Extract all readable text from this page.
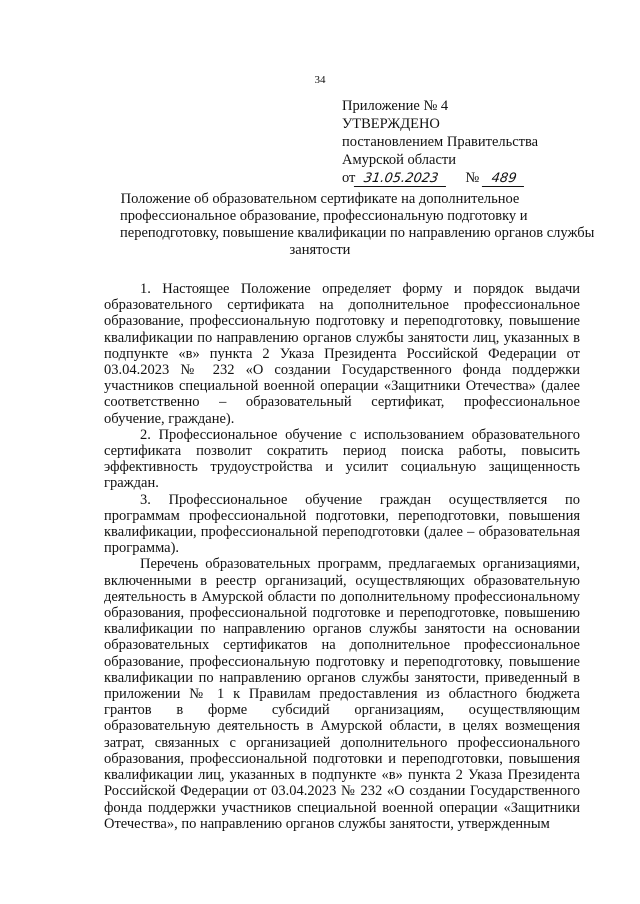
34
Приложение № 4
УТВЕРЖДЕНО
постановлением Правительства
Амурской области
от 31.05.2023 № 489
Положение об образовательном сертификате на дополнительное
профессиональное образование, профессиональную подготовку и
переподготовку, повышение квалификации по направлению органов службы
занятости

1. Настоящее Положение определяет форму и порядок выдачи образовательного сертификата на дополнительное профессиональное образование, профессиональную подготовку и переподготовку, повышение квалификации по направлению органов службы занятости лиц, указанных в подпункте «в» пункта 2 Указа Президента Российской Федерации от 03.04.2023 № 232 «О создании Государственного фонда поддержки участников специальной военной операции «Защитники Отечества» (далее соответственно – образовательный сертификат, профессиональное обучение, граждане).

2. Профессиональное обучение с использованием образовательного сертификата позволит сократить период поиска работы, повысить эффективность трудоустройства и усилит социальную защищенность граждан.

3. Профессиональное обучение граждан осуществляется по программам профессиональной подготовки, переподготовки, повышения квалификации, профессиональной переподготовки (далее – образовательная программа).

Перечень образовательных программ, предлагаемых организациями, включенными в реестр организаций, осуществляющих образовательную деятельность в Амурской области по дополнительному профессиональному образования, профессиональной подготовке и переподготовке, повышению квалификации по направлению органов службы занятости на основании образовательных сертификатов на дополнительное профессиональное образование, профессиональную подготовку и переподготовку, повышение квалификации по направлению органов службы занятости, приведенный в приложении № 1 к Правилам предоставления из областного бюджета грантов в форме субсидий организациям, осуществляющим образовательную деятельность в Амурской области, в целях возмещения затрат, связанных с организацией дополнительного профессионального образования, профессиональной подготовки и переподготовки, повышения квалификации лиц, указанных в подпункте «в» пункта 2 Указа Президента Российской Федерации от 03.04.2023 № 232 «О создании Государственного фонда поддержки участников специальной военной операции «Защитники Отечества», по направлению органов службы занятости, утвержденным
